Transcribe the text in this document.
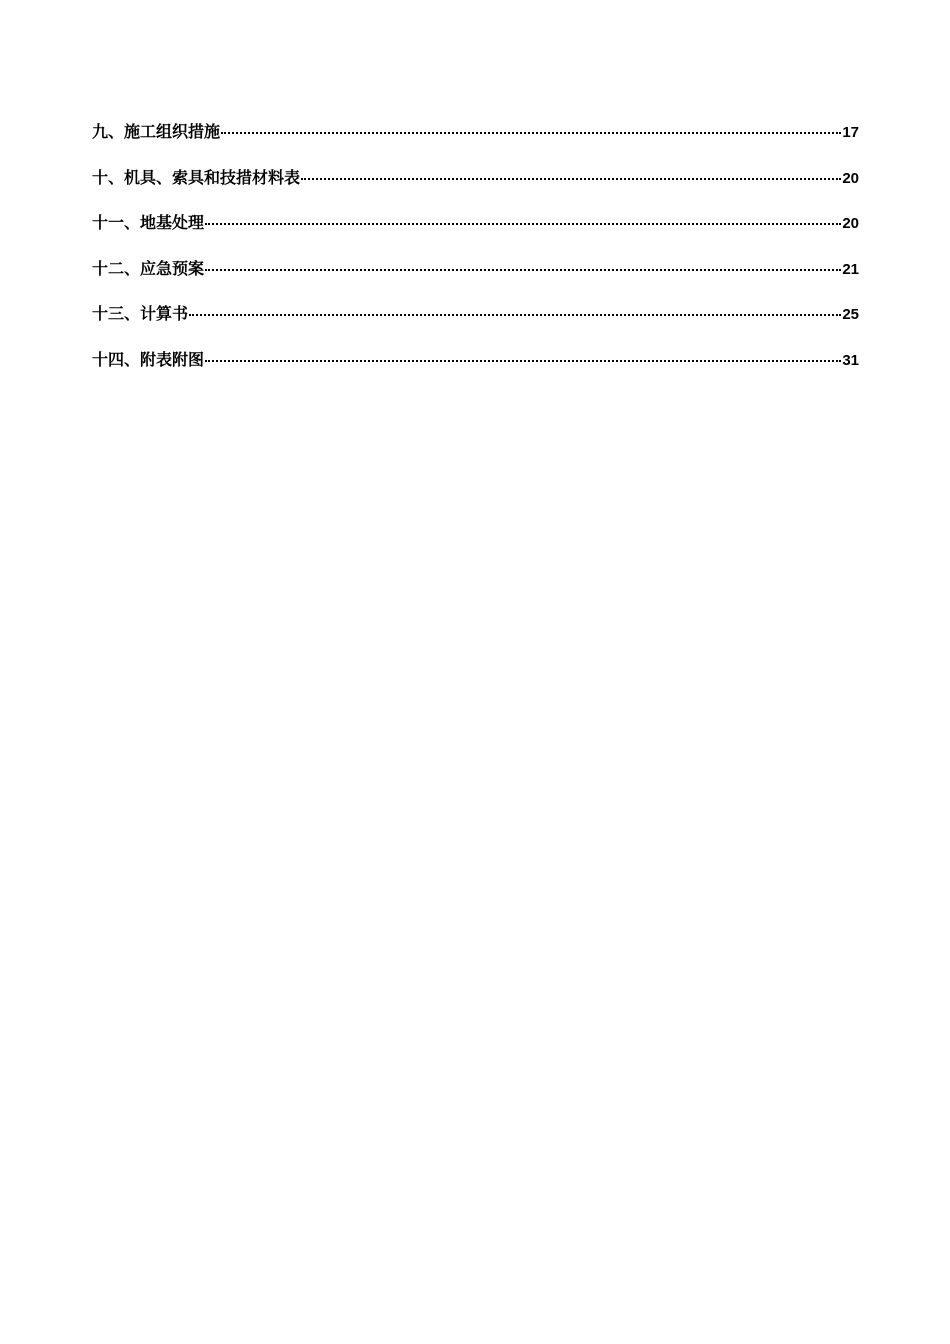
九、施工组织措施	17
十、机具、索具和技措材料表	20
十一、地基处理	20
十二、应急预案	21
十三、计算书	25
十四、附表附图	31
